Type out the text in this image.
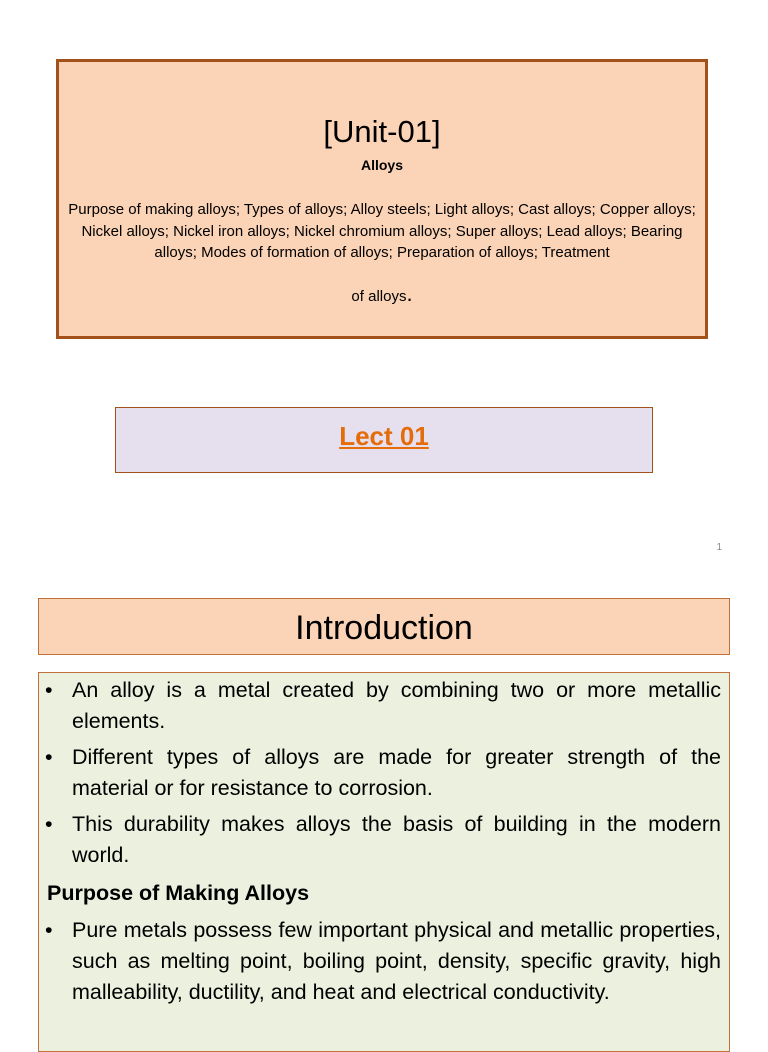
[Unit-01]
Alloys
Purpose of making alloys; Types of alloys; Alloy steels; Light alloys; Cast alloys; Copper alloys; Nickel alloys; Nickel iron alloys; Nickel chromium alloys; Super alloys; Lead alloys; Bearing alloys; Modes of formation of alloys; Preparation of alloys; Treatment
of alloys.
Lect 01
1
Introduction
• An alloy is a metal created by combining two or more metallic elements.
• Different types of alloys are made for greater strength of the material or for resistance to corrosion.
• This durability makes alloys the basis of building in the modern world.
Purpose of Making Alloys
• Pure metals possess few important physical and metallic properties, such as melting point, boiling point, density, specific gravity, high malleability, ductility, and heat and electrical conductivity.
